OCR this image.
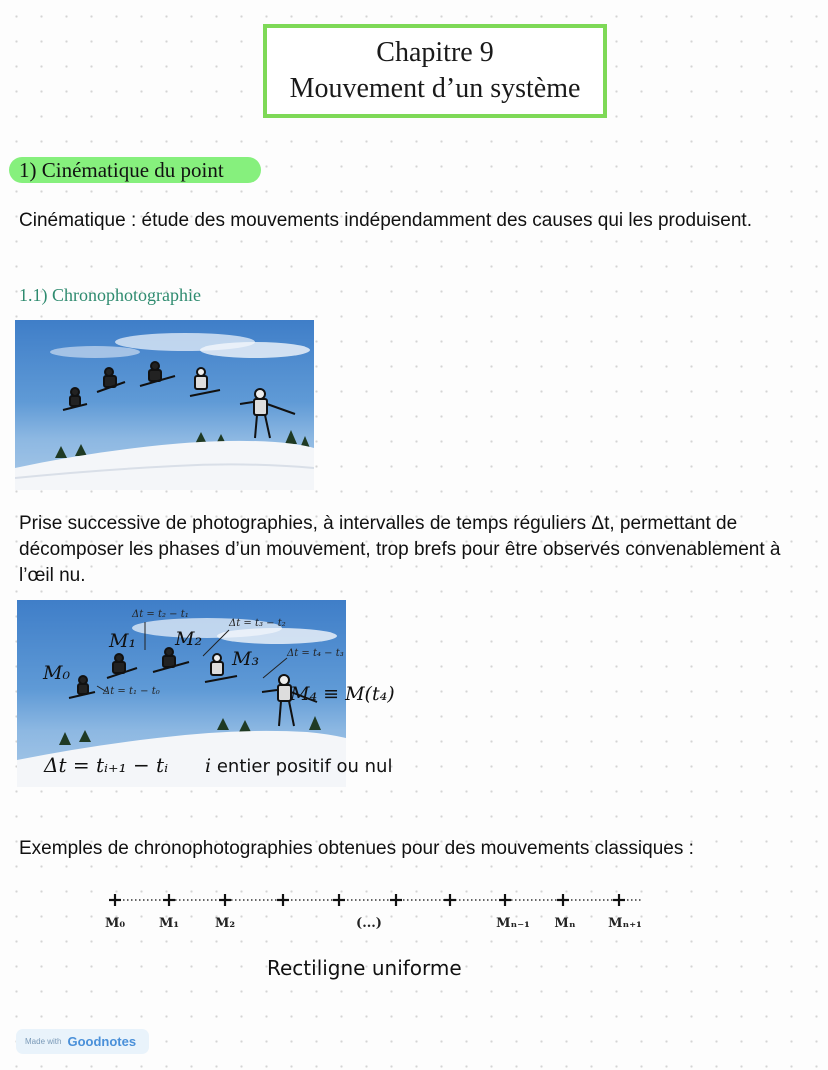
Chapitre 9
Mouvement d’un système
1) Cinématique du point
Cinématique : étude des mouvements indépendamment des causes qui les produisent.
1.1) Chronophotographie
Prise successive de photographies, à intervalles de temps réguliers Δt, permettant de décomposer les phases d’un mouvement, trop brefs pour être observés convenablement à l’œil nu.
Δt = t₂ − t₁
Δt = t₃ − t₂
Δt = t₄ − t₃
Δt = t₁ − t₀
M₀
M₁ M₂
M₃
M₄ ≡ M(t₄)
Δt = tᵢ₊₁ − tᵢ i entier positif ou nul
Exemples de chronophotographies obtenues pour des mouvements classiques :
M₀	M₁	M₂	(...)	Mₙ₋₁ Mₙ	Mₙ₊₁
Rectiligne uniforme
Made with Goodnotes
